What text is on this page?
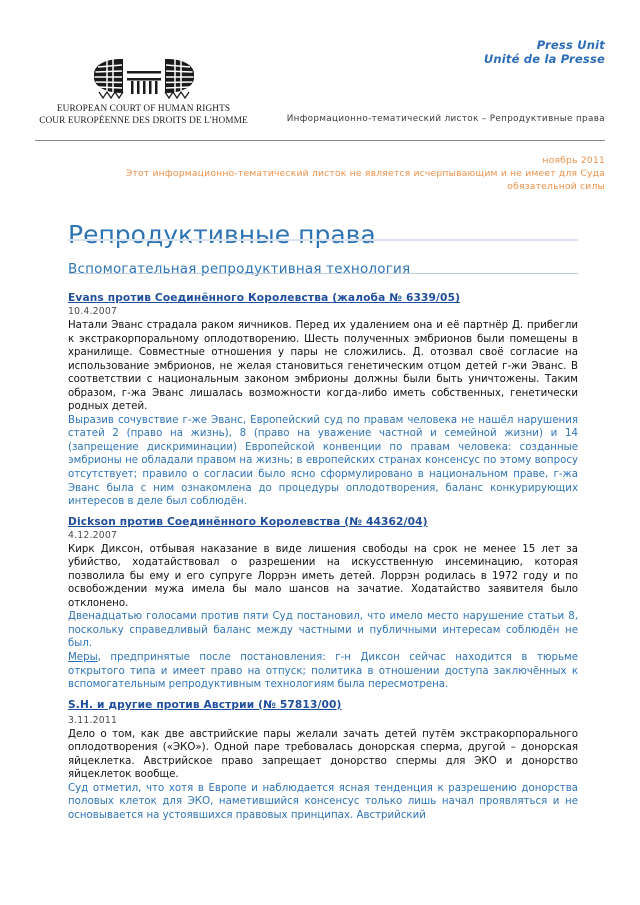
Press Unit
Unité de la Presse
EUROPEAN COURT OF HUMAN RIGHTS
COUR EUROPÉENNE DES DROITS DE L'HOMME	Информационно-тематический листок – Репродуктивные права
ноябрь 2011
Этот информационно-тематический листок не является исчерпывающим и не имеет для Суда обязательной силы
Репродуктивные права
Вспомогательная репродуктивная технология
Evans против Соединённого Королевства (жалоба № 6339/05)
10.4.2007

Натали Эванс страдала раком яичников. Перед их удалением она и её партнёр Д. прибегли к экстракорпоральному оплодотворению. Шесть полученных эмбрионов были помещены в хранилище. Совместные отношения у пары не сложились. Д. отозвал своё согласие на использование эмбрионов, не желая становиться генетическим отцом детей г-жи Эванс. В соответствии с национальным законом эмбрионы должны были быть уничтожены. Таким образом, г-жа Эванс лишалась возможности когда-либо иметь собственных, генетически родных детей.

Выразив сочувствие г-же Эванс, Европейский суд по правам человека не нашёл нарушения статей 2 (право на жизнь), 8 (право на уважение частной и семейной жизни) и 14 (запрещение дискриминации) Европейской конвенции по правам человека: созданные эмбрионы не обладали правом на жизнь; в европейских странах консенсус по этому вопросу отсутствует; правило о согласии было ясно сформулировано в национальном праве, г-жа Эванс была с ним ознакомлена до процедуры оплодотворения, баланс конкурирующих интересов в деле был соблюдён.

Dickson против Соединённого Королевства (№ 44362/04)
4.12.2007

Кирк Диксон, отбывая наказание в виде лишения свободы на срок не менее 15 лет за убийство, ходатайствовал о разрешении на искусственную инсеминацию, которая позволила бы ему и его супруге Лоррэн иметь детей. Лоррэн родилась в 1972 году и по освобождении мужа имела бы мало шансов на зачатие. Ходатайство заявителя было отклонено.

Двенадцатью голосами против пяти Суд постановил, что имело место нарушение статьи 8, поскольку справедливый баланс между частными и публичными интересам соблюдён не был.

Меры, предпринятые после постановления: г-н Диксон сейчас находится в тюрьме открытого типа и имеет право на отпуск; политика в отношении доступа заключённых к вспомогательным репродуктивным технологиям была пересмотрена.

S.H. и другие против Австрии (№ 57813/00)
3.11.2011

Дело о том, как две австрийские пары желали зачать детей путём экстракорпорального оплодотворения («ЭКО»). Одной паре требовалась донорская сперма, другой – донорская яйцеклетка. Австрийское право запрещает донорство спермы для ЭКО и донорство яйцеклеток вообще.

Суд отметил, что хотя в Европе и наблюдается ясная тенденция к разрешению донорства половых клеток для ЭКО, наметившийся консенсус только лишь начал проявляться и не основывается на устоявшихся правовых принципах. Австрийский
